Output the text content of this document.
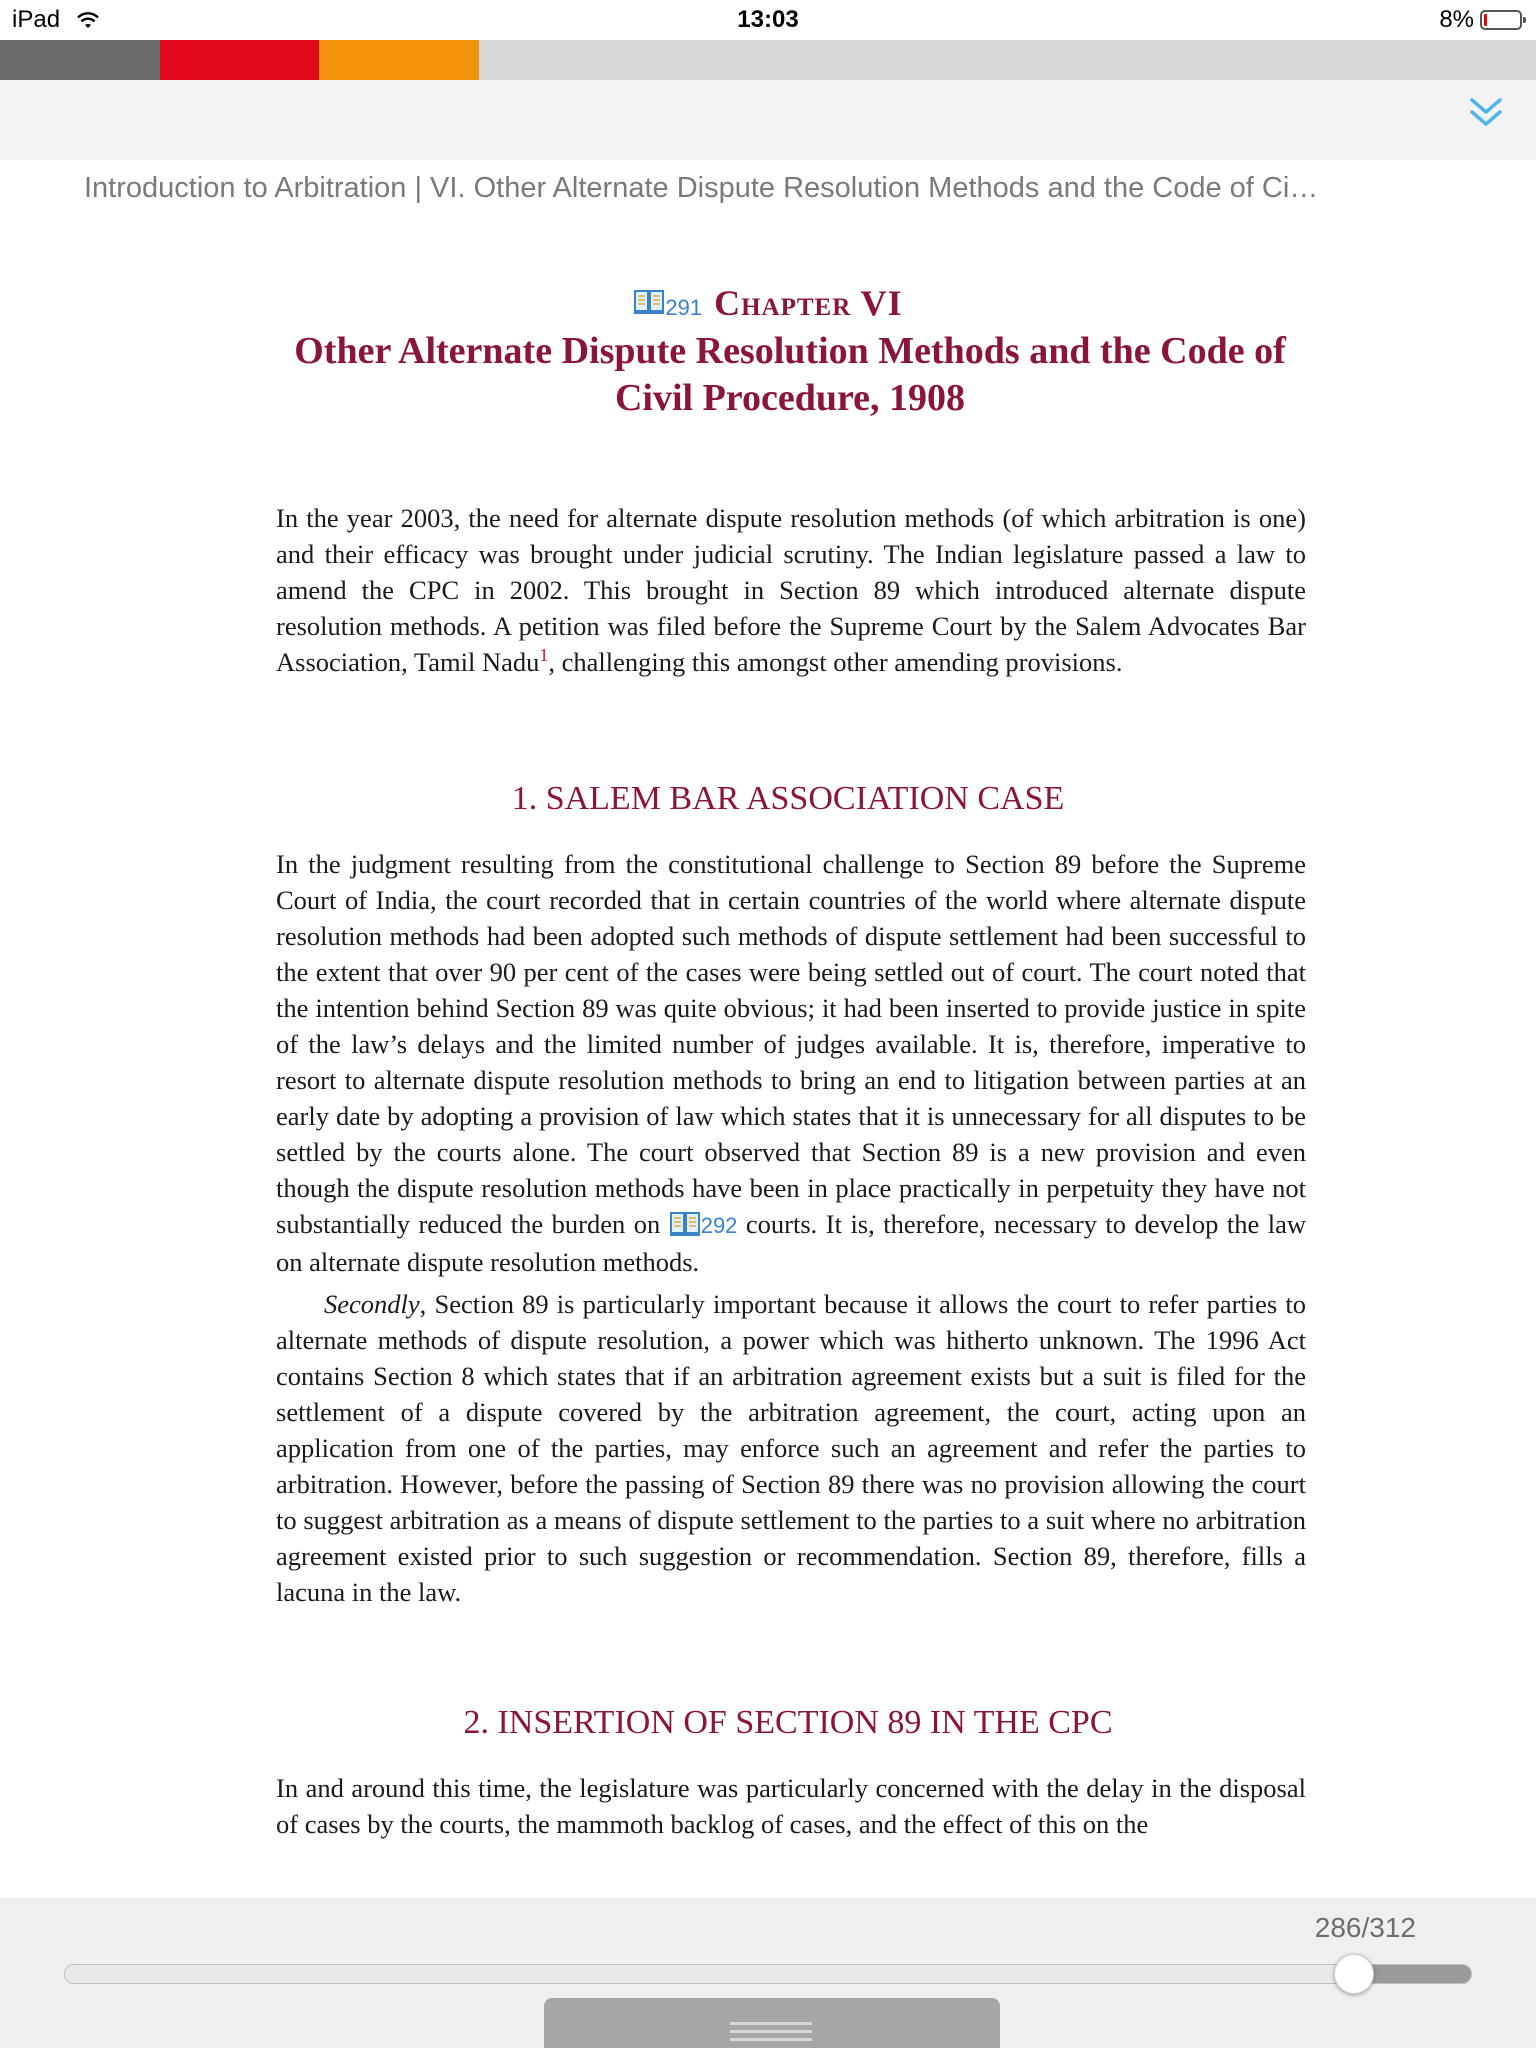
iPad	13:03	8%
Introduction to Arbitration | VI. Other Alternate Dispute Resolution Methods and the Code of Ci…
291 Chapter VI
Other Alternate Dispute Resolution Methods and the Code of Civil Procedure, 1908

In the year 2003, the need for alternate dispute resolution methods (of which arbitration is one) and their efficacy was brought under judicial scrutiny. The Indian legislature passed a law to amend the CPC in 2002. This brought in Section 89 which introduced alternate dispute resolution methods. A petition was filed before the Supreme Court by the Salem Advocates Bar Association, Tamil Nadu$^1$, challenging this amongst other amending provisions.

1. SALEM BAR ASSOCIATION CASE

In the judgment resulting from the constitutional challenge to Section 89 before the Supreme Court of India, the court recorded that in certain countries of the world where alternate dispute resolution methods had been adopted such methods of dispute settlement had been successful to the extent that over 90 per cent of the cases were being settled out of court. The court noted that the intention behind Section 89 was quite obvious; it had been inserted to provide justice in spite of the law’s delays and the limited number of judges available. It is, therefore, imperative to resort to alternate dispute resolution methods to bring an end to litigation between parties at an early date by adopting a provision of law which states that it is unnecessary for all disputes to be settled by the courts alone. The court observed that Section 89 is a new provision and even though the dispute resolution methods have been in place practically in perpetuity they have not substantially reduced the burden on 292 courts. It is, therefore, necessary to develop the law on alternate dispute resolution methods.

Secondly, Section 89 is particularly important because it allows the court to refer parties to alternate methods of dispute resolution, a power which was hitherto unknown. The 1996 Act contains Section 8 which states that if an arbitration agreement exists but a suit is filed for the settlement of a dispute covered by the arbitration agreement, the court, acting upon an application from one of the parties, may enforce such an agreement and refer the parties to arbitration. However, before the passing of Section 89 there was no provision allowing the court to suggest arbitration as a means of dispute settlement to the parties to a suit where no arbitration agreement existed prior to such suggestion or recommendation. Section 89, therefore, fills a lacuna in the law.

2. INSERTION OF SECTION 89 IN THE CPC

In and around this time, the legislature was particularly concerned with the delay in the disposal of cases by the courts, the mammoth backlog of cases, and the effect of this on the

286/312
